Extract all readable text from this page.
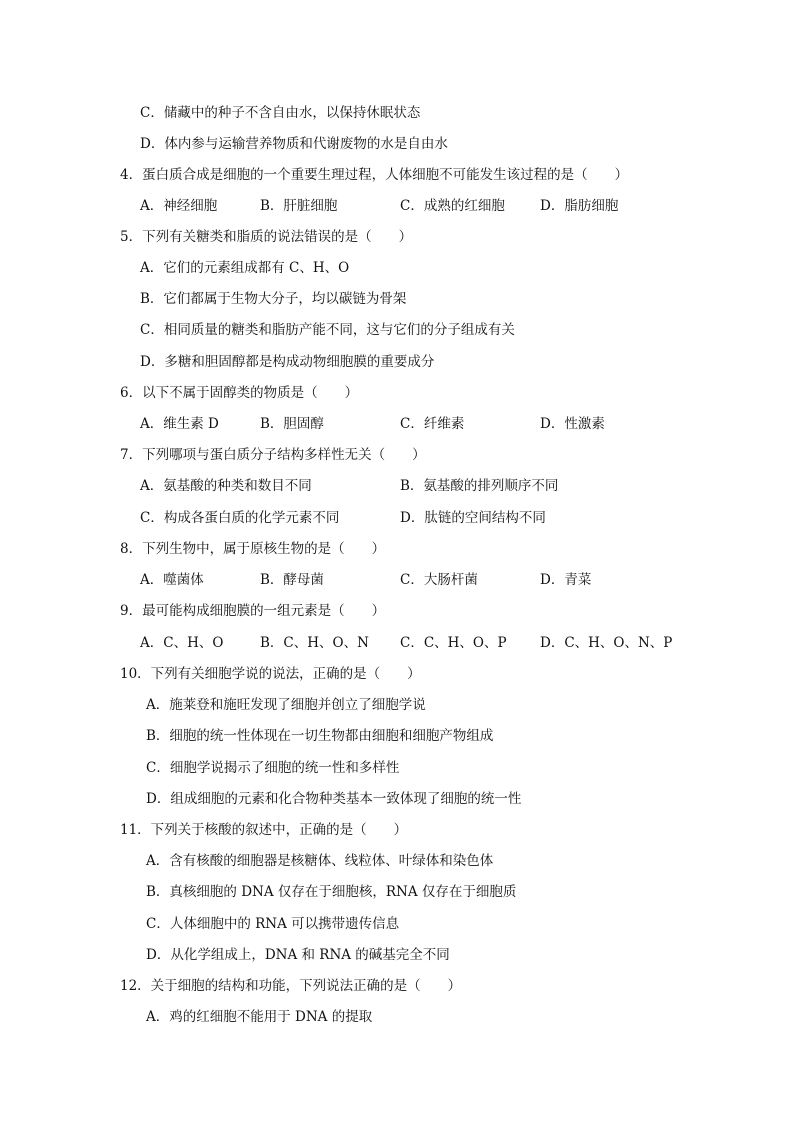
C．储藏中的种子不含自由水，以保持休眠状态
D．体内参与运输营养物质和代谢废物的水是自由水
4．蛋白质合成是细胞的一个重要生理过程，人体细胞不可能发生该过程的是（　　）
A．神经细胞	B．肝脏细胞	C．成熟的红细胞	D．脂肪细胞
5．下列有关糖类和脂质的说法错误的是（　　）
A．它们的元素组成都有 C、H、O
B．它们都属于生物大分子，均以碳链为骨架
C．相同质量的糖类和脂肪产能不同，这与它们的分子组成有关
D．多糖和胆固醇都是构成动物细胞膜的重要成分
6．以下不属于固醇类的物质是（　　）
A．维生素 D	B．胆固醇	C．纤维素	D．性激素
7．下列哪项与蛋白质分子结构多样性无关（　　）
A．氨基酸的种类和数目不同	B．氨基酸的排列顺序不同
C．构成各蛋白质的化学元素不同	D．肽链的空间结构不同
8．下列生物中，属于原核生物的是（　　）
A．噬菌体	B．酵母菌	C．大肠杆菌	D．青菜
9．最可能构成细胞膜的一组元素是（　　）
A．C、H、O	B．C、H、O、N C．C、H、O、P D．C、H、O、N、P
10．下列有关细胞学说的说法，正确的是（　　）
A．施莱登和施旺发现了细胞并创立了细胞学说
B．细胞的统一性体现在一切生物都由细胞和细胞产物组成
C．细胞学说揭示了细胞的统一性和多样性
D．组成细胞的元素和化合物种类基本一致体现了细胞的统一性
11．下列关于核酸的叙述中，正确的是（　　）
A．含有核酸的细胞器是核糖体、线粒体、叶绿体和染色体
B．真核细胞的 DNA 仅存在于细胞核，RNA 仅存在于细胞质
C．人体细胞中的 RNA 可以携带遗传信息
D．从化学组成上，DNA 和 RNA 的碱基完全不同
12．关于细胞的结构和功能，下列说法正确的是（　　）
A．鸡的红细胞不能用于 DNA 的提取
